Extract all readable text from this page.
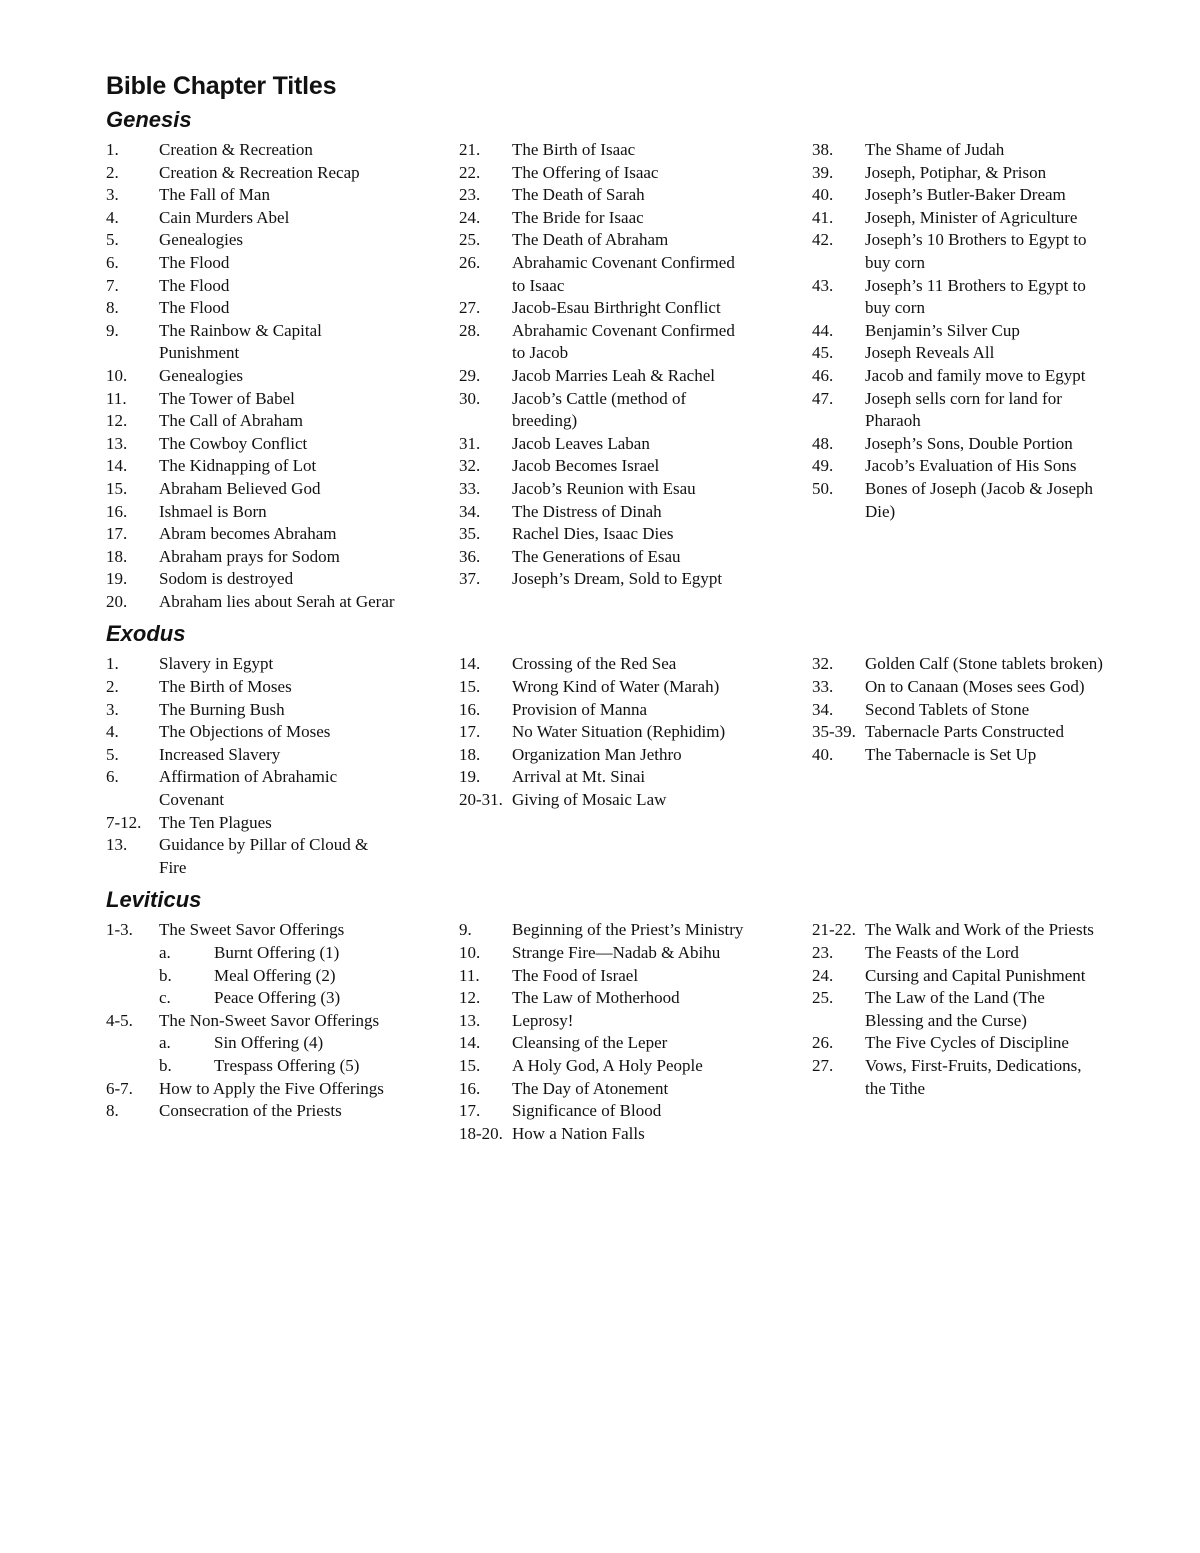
Bible Chapter Titles
Genesis
1.	Creation & Recreation
2.	Creation & Recreation Recap
3.	The Fall of Man
4.	Cain Murders Abel
5.	Genealogies
6.	The Flood
7.	The Flood
8.	The Flood
9.	The Rainbow & Capital Punishment
10.	Genealogies
11.	The Tower of Babel
12.	The Call of Abraham
13.	The Cowboy Conflict
14.	The Kidnapping of Lot
15.	Abraham Believed God
16.	Ishmael is Born
17.	Abram becomes Abraham
18.	Abraham prays for Sodom
19.	Sodom is destroyed
20.	Abraham lies about Serah at Gerar
21.	The Birth of Isaac
22.	The Offering of Isaac
23.	The Death of Sarah
24.	The Bride for Isaac
25.	The Death of Abraham
26.	Abrahamic Covenant Confirmed to Isaac
27.	Jacob-Esau Birthright Conflict
28.	Abrahamic Covenant Confirmed to Jacob
29.	Jacob Marries Leah & Rachel
30.	Jacob’s Cattle (method of breeding)
31.	Jacob Leaves Laban
32.	Jacob Becomes Israel
33.	Jacob’s Reunion with Esau
34.	The Distress of Dinah
35.	Rachel Dies, Isaac Dies
36.	The Generations of Esau
37.	Joseph’s Dream, Sold to Egypt
38.	The Shame of Judah
39.	Joseph, Potiphar, & Prison
40.	Joseph’s Butler-Baker Dream
41.	Joseph, Minister of Agriculture
42.	Joseph’s 10 Brothers to Egypt to buy corn
43.	Joseph’s 11 Brothers to Egypt to buy corn
44.	Benjamin’s Silver Cup
45.	Joseph Reveals All
46.	Jacob and family move to Egypt
47.	Joseph sells corn for land for Pharaoh
48.	Joseph’s Sons, Double Portion
49.	Jacob’s Evaluation of His Sons
50.	Bones of Joseph (Jacob & Joseph Die)
Exodus
1.	Slavery in Egypt
2.	The Birth of Moses
3.	The Burning Bush
4.	The Objections of Moses
5.	Increased Slavery
6.	Affirmation of Abrahamic Covenant
7-12.	The Ten Plagues
13.	Guidance by Pillar of Cloud & Fire
14.	Crossing of the Red Sea
15.	Wrong Kind of Water (Marah)
16.	Provision of Manna
17.	No Water Situation (Rephidim)
18.	Organization Man Jethro
19.	Arrival at Mt. Sinai
20-31. Giving of Mosaic Law
32.	Golden Calf (Stone tablets broken)
33.	On to Canaan (Moses sees God)
34.	Second Tablets of Stone
35-39. Tabernacle Parts Constructed
40.	The Tabernacle is Set Up
Leviticus
1-3.	The Sweet Savor Offerings
a.	Burnt Offering (1)
b.	Meal Offering (2)
c.	Peace Offering (3)
4-5.	The Non-Sweet Savor Offerings
a.	Sin Offering (4)
b.	Trespass Offering (5)
6-7.	How to Apply the Five Offerings
8.	Consecration of the Priests
9.	Beginning of the Priest’s Ministry
10.	Strange Fire—Nadab & Abihu
11.	The Food of Israel
12.	The Law of Motherhood
13.	Leprosy!
14.	Cleansing of the Leper
15.	A Holy God, A Holy People
16.	The Day of Atonement
17.	Significance of Blood
18-20. How a Nation Falls
21-22. The Walk and Work of the Priests
23.	The Feasts of the Lord
24.	Cursing and Capital Punishment
25.	The Law of the Land (The Blessing and the Curse)
26.	The Five Cycles of Discipline
27.	Vows, First-Fruits, Dedications, the Tithe
